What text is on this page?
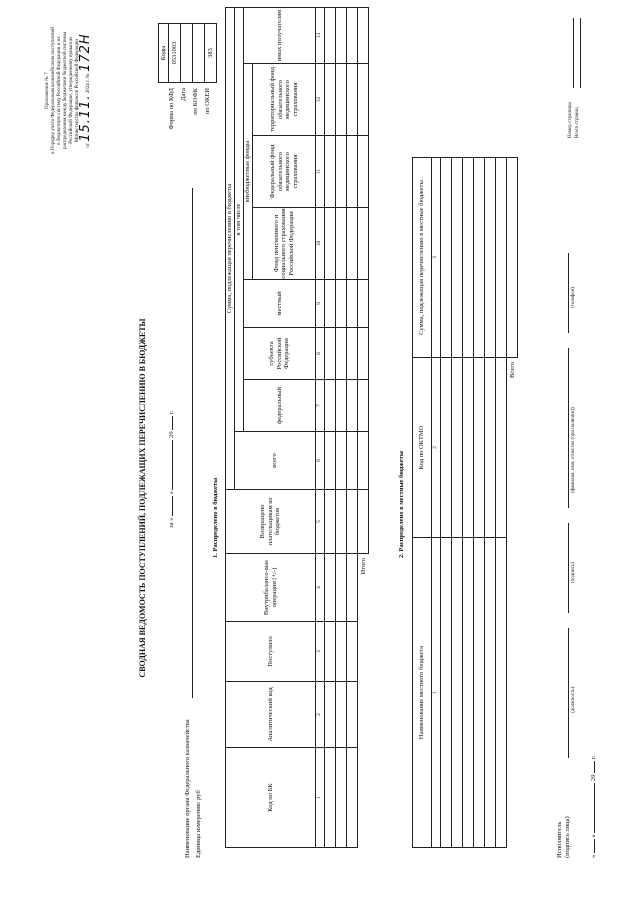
Приложение № 7 к Порядку учета Федеральным казначейством поступлений в бюджетную систему Российской Федерации и их распределения между бюджетами бюджетной системы Российской Федерации, утвержденному приказом Министерства финансов Российской Федерации
от 15.11. 2024 г. № 172Н
СВОДНАЯ ВЕДОМОСТЬ ПОСТУПЛЕНИЙ, ПОДЛЕЖАЩИХ ПЕРЕЧИСЛЕНИЮ В БЮДЖЕТЫ	за «  »  20  г.
Форма по КФД Дата по КОФК по ОКЕИ
Коды
0531003

383
Наименование органа Федерального казначейства Единица измерения: руб
1. Распределено в бюджеты
Код по БК	Аналитический код	Поступило	Внутрибалансо-вые операции (+/-)	Возвращено плательщикам из бюджетов	Сумма, подлежащая перечислению в бюджеты							
					всего	в том числе						
						федеральный	субъекта Российской Федерации	местный	внебюджетные фонды			иных получателям
									Фонд пенсионного и социального страхования Российской Федерации	Федеральный фонд обязательного медицинского страхования	территориальный фонд обязательного медицинского страхования	
1	2	3	4	5	6	7	8	9	10	11	12	13

Итого												
2. Распределено в местные бюджеты
Наименование местного бюджета	Код по ОКТМО	Сумма, подлежащая перечислению в местные бюджеты
1	2	3

Всего		
Исполнитель (подпись лица)
(должность)
(подпись)
(фамилия, имя, отчество (при наличии))
(телефон)
«  »  20  г.
Номер страницы Всего страниц
